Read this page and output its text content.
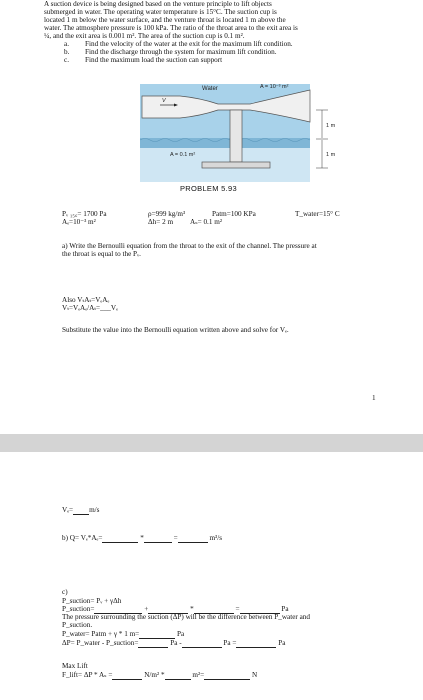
A suction device is being designed based on the venture principle to lift objects
submerged in water. The operating water temperature is 15°C. The suction cup is
located 1 m below the water surface, and the venture throat is located 1 m above the
water. The atmosphere pressure is 100 kPa. The ratio of the throat area to the exit area is
¼, and the exit area is 0.001 m². The area of the suction cup is 0.1 m².
a. Find the velocity of the water at the exit for the maximum lift condition.
b. Find the discharge through the system for maximum lift condition.
c. Find the maximum load the suction can support
Water	A = 10⁻³ m²
V
A = 0.1 m²
1 m
1 m
PROBLEM 5.93
Pᵥ ₁₅꜀= 1700 Pa
Aₑ=10⁻³ m²
ρ=999 kg/m³
Δh= 2 m
Patm=100 KPa
Aₛ= 0.1 m²
T_water=15° C
a) Write the Bernoulli equation from the throat to the exit of the channel. The pressure at
the throat is equal to the Pᵥ.
Also VₜAₜ=VₑAₑ
Vₜ=VₑAₑ/Aₜ=___Vₑ
Substitute the value into the Bernoulli equation written above and solve for Vₑ.
1
Vₑ= m/s
b) Q= Vₑ*Aₑ=	*	=	m³/s
c)
P_suction= Pᵥ + γΔh
P_suction=	+	*	=	Pa
The pressure surrounding the suction (ΔP) will be the difference between P_water and
P_suction.
P_water= Patm + γ * 1 m=	Pa
ΔP= P_water - P_suction=	Pa -	Pa =	Pa
Max Lift
F_lift= ΔP * Aₛ =	N/m² *	m²=	N
